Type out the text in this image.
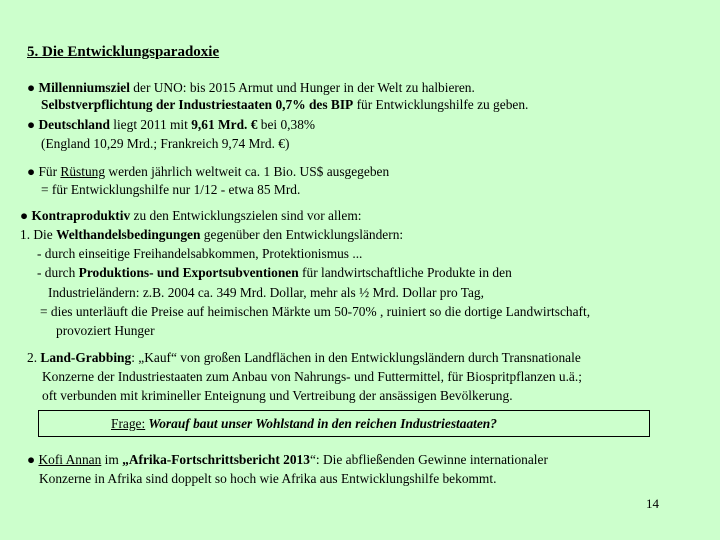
5. Die Entwicklungsparadoxie
● Millenniumsziel der UNO: bis 2015 Armut und Hunger in der Welt zu halbieren.
Selbstverpflichtung der Industriestaaten 0,7% des BIP für Entwicklungshilfe zu geben.
● Deutschland liegt 2011 mit 9,61 Mrd. € bei 0,38%
(England 10,29 Mrd.; Frankreich 9,74 Mrd. €)
● Für Rüstung werden jährlich weltweit ca. 1 Bio. US$ ausgegeben
= für Entwicklungshilfe nur 1/12 - etwa 85 Mrd.
● Kontraproduktiv zu den Entwicklungszielen sind vor allem:
1. Die Welthandelsbedingungen gegenüber den Entwicklungsländern:
- durch einseitige Freihandelsabkommen, Protektionismus ...
- durch Produktions- und Exportsubventionen für landwirtschaftliche Produkte in den
Industrieländern: z.B. 2004 ca. 349 Mrd. Dollar, mehr als ½ Mrd. Dollar pro Tag,
= dies unterläuft die Preise auf heimischen Märkte um 50-70% , ruiniert so die dortige Landwirtschaft,
provoziert Hunger
2. Land-Grabbing: „Kauf“ von großen Landflächen in den Entwicklungsländern durch Transnationale
Konzerne der Industriestaaten zum Anbau von Nahrungs- und Futtermittel, für Biospritpflanzen u.ä.;
oft verbunden mit krimineller Enteignung und Vertreibung der ansässigen Bevölkerung.
Frage: Worauf baut unser Wohlstand in den reichen Industriestaaten?
● Kofi Annan im „Afrika-Fortschrittsbericht 2013“: Die abfließenden Gewinne internationaler
Konzerne in Afrika sind doppelt so hoch wie Afrika aus Entwicklungshilfe bekommt.
14
